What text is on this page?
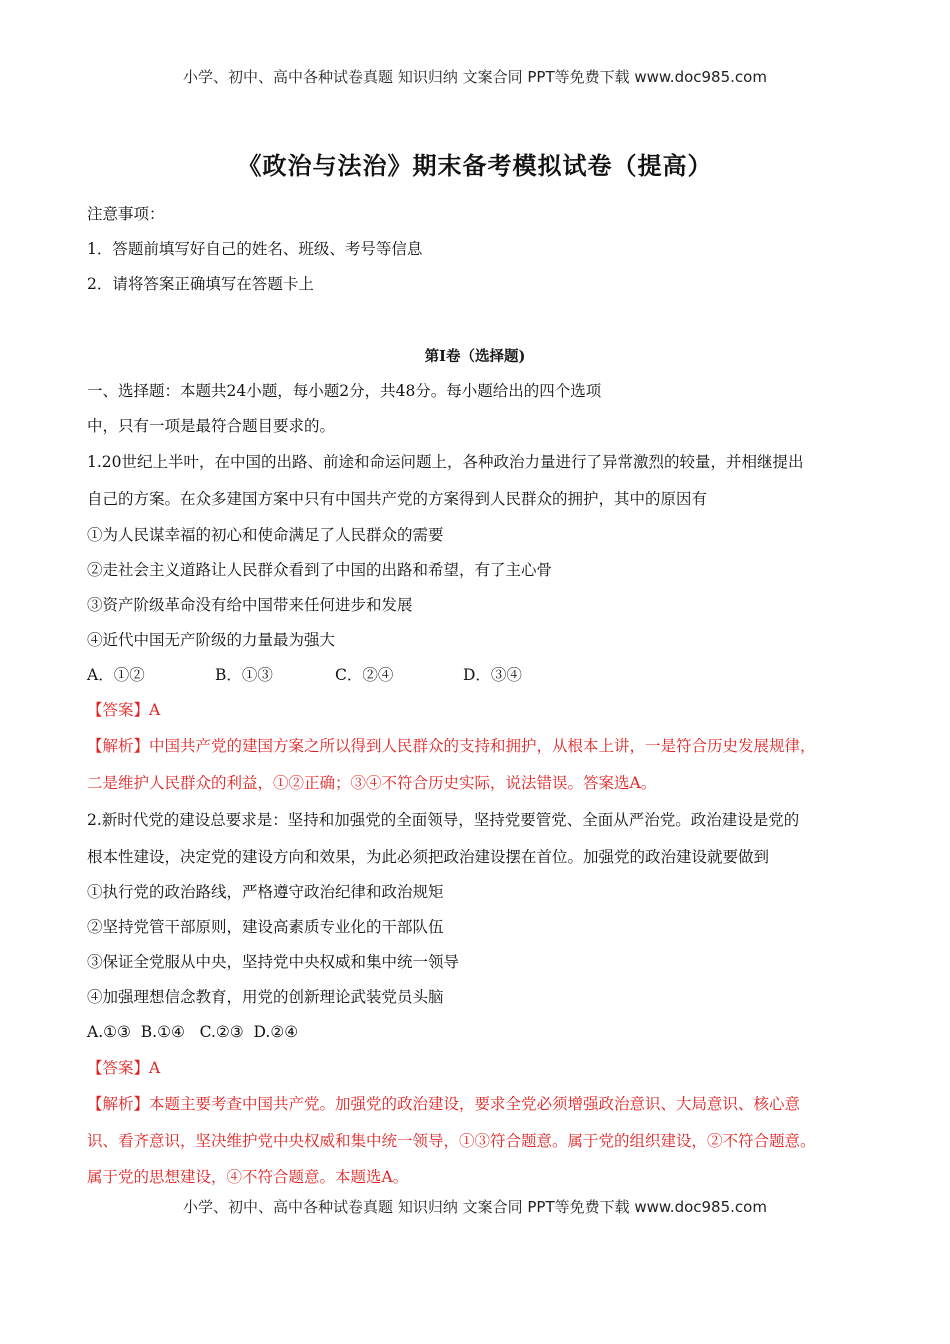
小学、初中、高中各种试卷真题 知识归纳 文案合同 PPT等免费下载 www.doc985.com
《政治与法治》期末备考模拟试卷（提高）
注意事项：
1．答题前填写好自己的姓名、班级、考号等信息
2．请将答案正确填写在答题卡上
第I卷（选择题)
一、选择题：本题共24小题，每小题2分，共48分。每小题给出的四个选项
中，只有一项是最符合题目要求的。
1.20世纪上半叶，在中国的出路、前途和命运问题上，各种政治力量进行了异常激烈的较量，并相继提出
自己的方案。在众多建国方案中只有中国共产党的方案得到人民群众的拥护，其中的原因有
①为人民谋幸福的初心和使命满足了人民群众的需要
②走社会主义道路让人民群众看到了中国的出路和希望，有了主心骨
③资产阶级革命没有给中国带来任何进步和发展
④近代中国无产阶级的力量最为强大
A．①②	B．①③	C．②④	D．③④
【答案】A
【解析】中国共产党的建国方案之所以得到人民群众的支持和拥护，从根本上讲，一是符合历史发展规律，
二是维护人民群众的利益，①②正确；③④不符合历史实际，说法错误。答案选A。
2.新时代党的建设总要求是：坚持和加强党的全面领导，坚持党要管党、全面从严治党。政治建设是党的
根本性建设，决定党的建设方向和效果，为此必须把政治建设摆在首位。加强党的政治建设就要做到
①执行党的政治路线，严格遵守政治纪律和政治规矩
②坚持党管干部原则，建设高素质专业化的干部队伍
③保证全党服从中央，坚持党中央权威和集中统一领导
④加强理想信念教育，用党的创新理论武装党员头脑
A.①③  B.①④   C.②③  D.②④
【答案】A
【解析】本题主要考查中国共产党。加强党的政治建设，要求全党必须增强政治意识、大局意识、核心意
识、看齐意识，坚决维护党中央权威和集中统一领导，①③符合题意。属于党的组织建设，②不符合题意。
属于党的思想建设，④不符合题意。本题选A。
小学、初中、高中各种试卷真题 知识归纳 文案合同 PPT等免费下载 www.doc985.com
